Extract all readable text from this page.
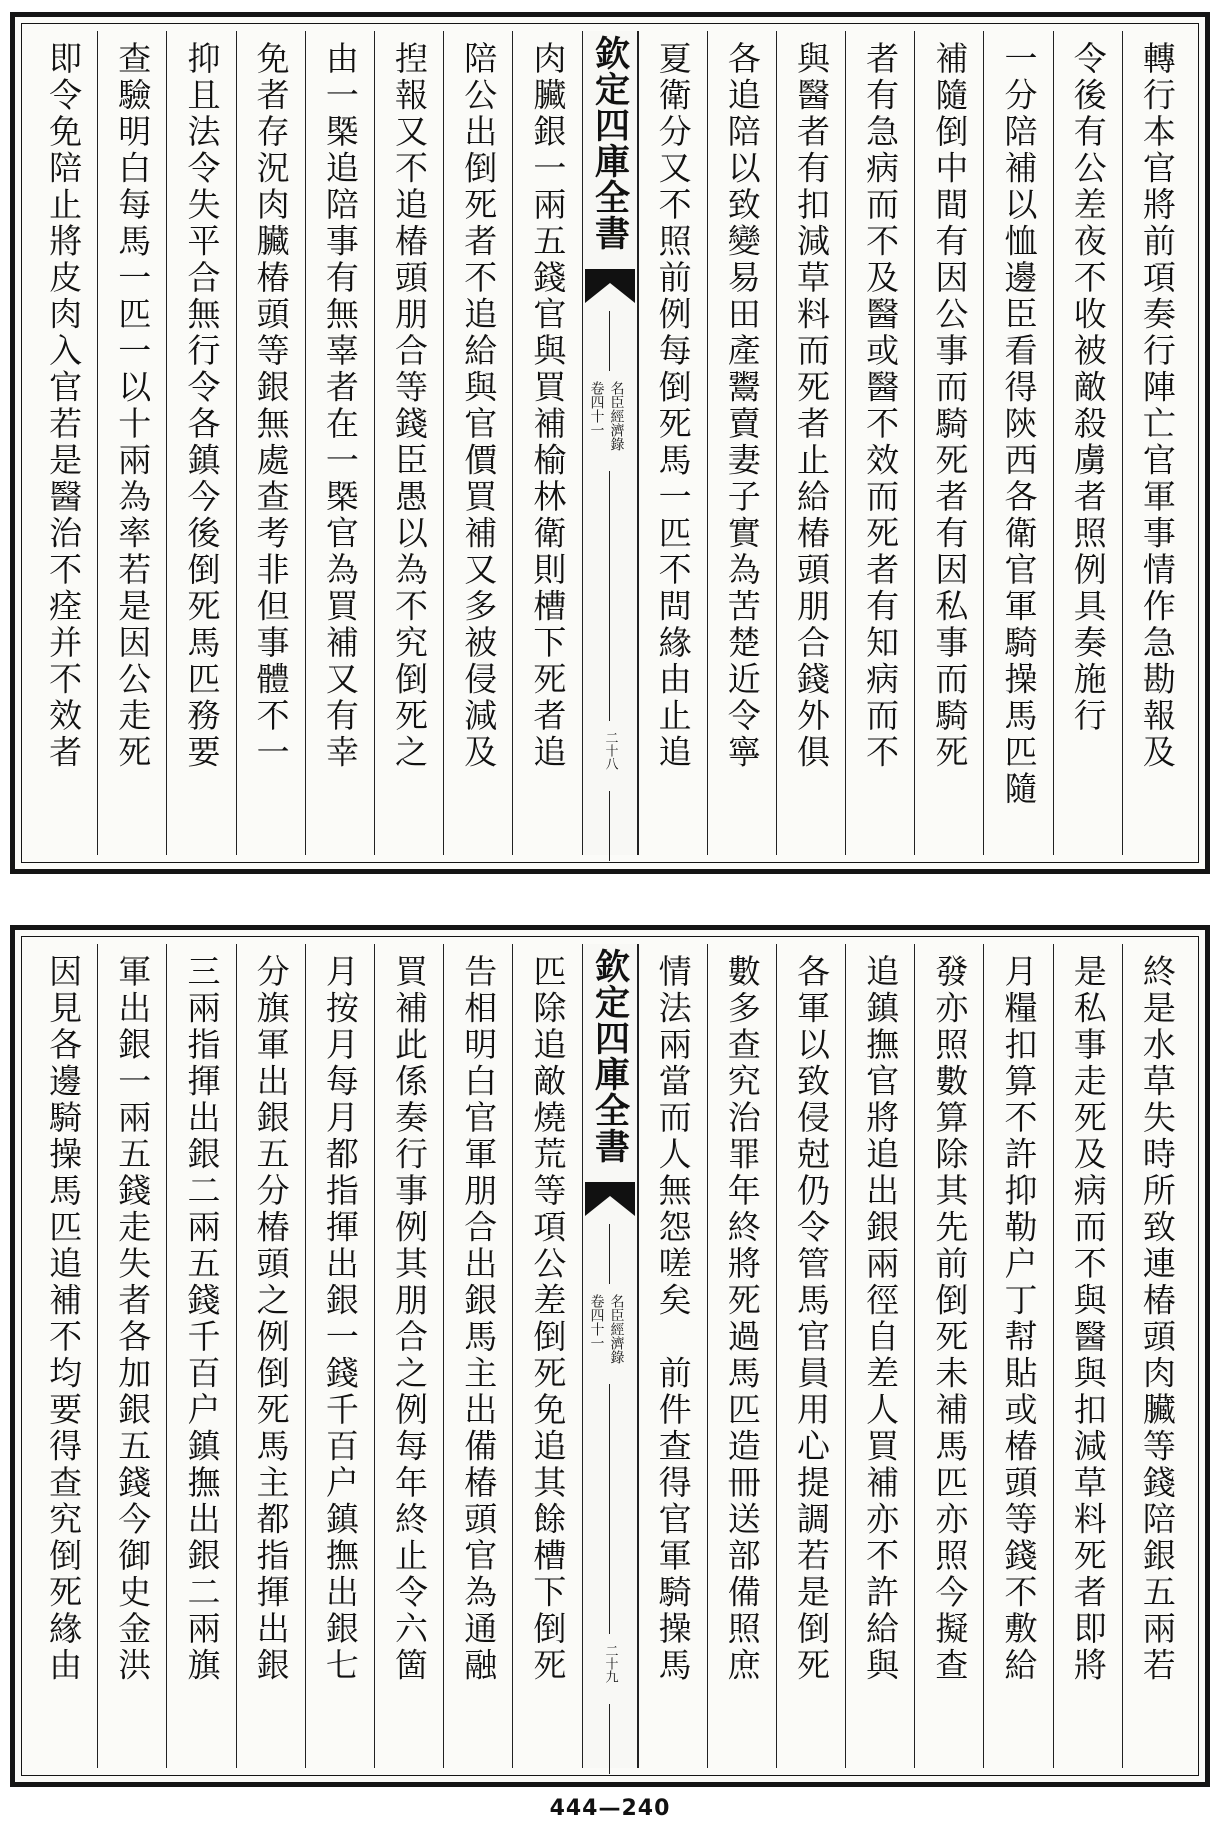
轉行本官將前項奏行陣亡官軍事情作急勘報及
令後有公差夜不收被敵殺虜者照例具奏施行
一分陪補以恤邊臣看得陝西各衛官軍騎操馬匹隨
補隨倒中間有因公事而騎死者有因私事而騎死
者有急病而不及醫或醫不效而死者有知病而不
與醫者有扣減草料而死者止給椿頭朋合錢外俱
各追陪以致變易田產鬻賣妻子實為苦楚近令寧
夏衛分又不照前例每倒死馬一匹不問緣由止追
欽定四庫全書
名臣經濟錄
卷四十一
二十八
肉臟銀一兩五錢官與買補榆林衛則槽下死者追
陪公出倒死者不追給與官價買補又多被侵減及
揑報又不追椿頭朋合等錢臣愚以為不究倒死之
由一槩追陪事有無辜者在一槩官為買補又有幸
免者存況肉臟椿頭等銀無處查考非但事體不一
抑且法令失平合無行令各鎮今後倒死馬匹務要
查驗明白每馬一匹一以十兩為率若是因公走死
即令免陪止將皮肉入官若是醫治不痊并不效者
終是水草失時所致連椿頭肉臟等錢陪銀五兩若
是私事走死及病而不與醫與扣減草料死者即將
月糧扣算不許抑勒户丁幇貼或椿頭等錢不敷給
發亦照數算除其先前倒死未補馬匹亦照今擬查
追鎮撫官將追出銀兩徑自差人買補亦不許給與
各軍以致侵尅仍令管馬官員用心提調若是倒死
數多查究治罪年終將死過馬匹造冊送部備照庶
情法兩當而人無怨嗟矣　前件查得官軍騎操馬
欽定四庫全書
名臣經濟錄
卷四十一
二十九
匹除追敵燒荒等項公差倒死免追其餘槽下倒死
告相明白官軍朋合出銀馬主出備椿頭官為通融
買補此係奏行事例其朋合之例每年終止令六箇
月按月每月都指揮出銀一錢千百户鎮撫出銀七
分旗軍出銀五分椿頭之例倒死馬主都指揮出銀
三兩指揮出銀二兩五錢千百户鎮撫出銀二兩旗
軍出銀一兩五錢走失者各加銀五錢今御史金洪
因見各邊騎操馬匹追補不均要得查究倒死緣由
444—240
